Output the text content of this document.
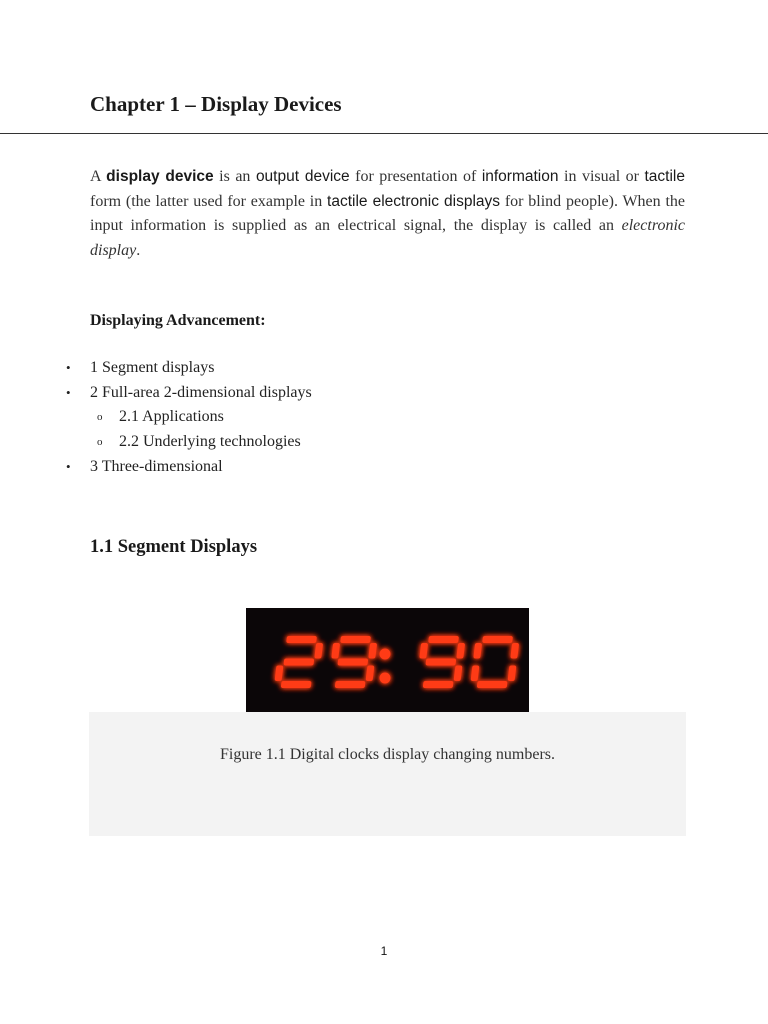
Chapter 1 – Display Devices

A display device is an output device for presentation of information in visual or tactile form (the latter used for example in tactile electronic displays for blind people). When the input information is supplied as an electrical signal, the display is called an electronic display.

Displaying Advancement:
• 1 Segment displays
• 2 Full-area 2-dimensional displays
o 2.1 Applications
o 2.2 Underlying technologies
• 3 Three-dimensional
1.1 Segment Displays

Figure 1.1 Digital clocks display changing numbers.

1
